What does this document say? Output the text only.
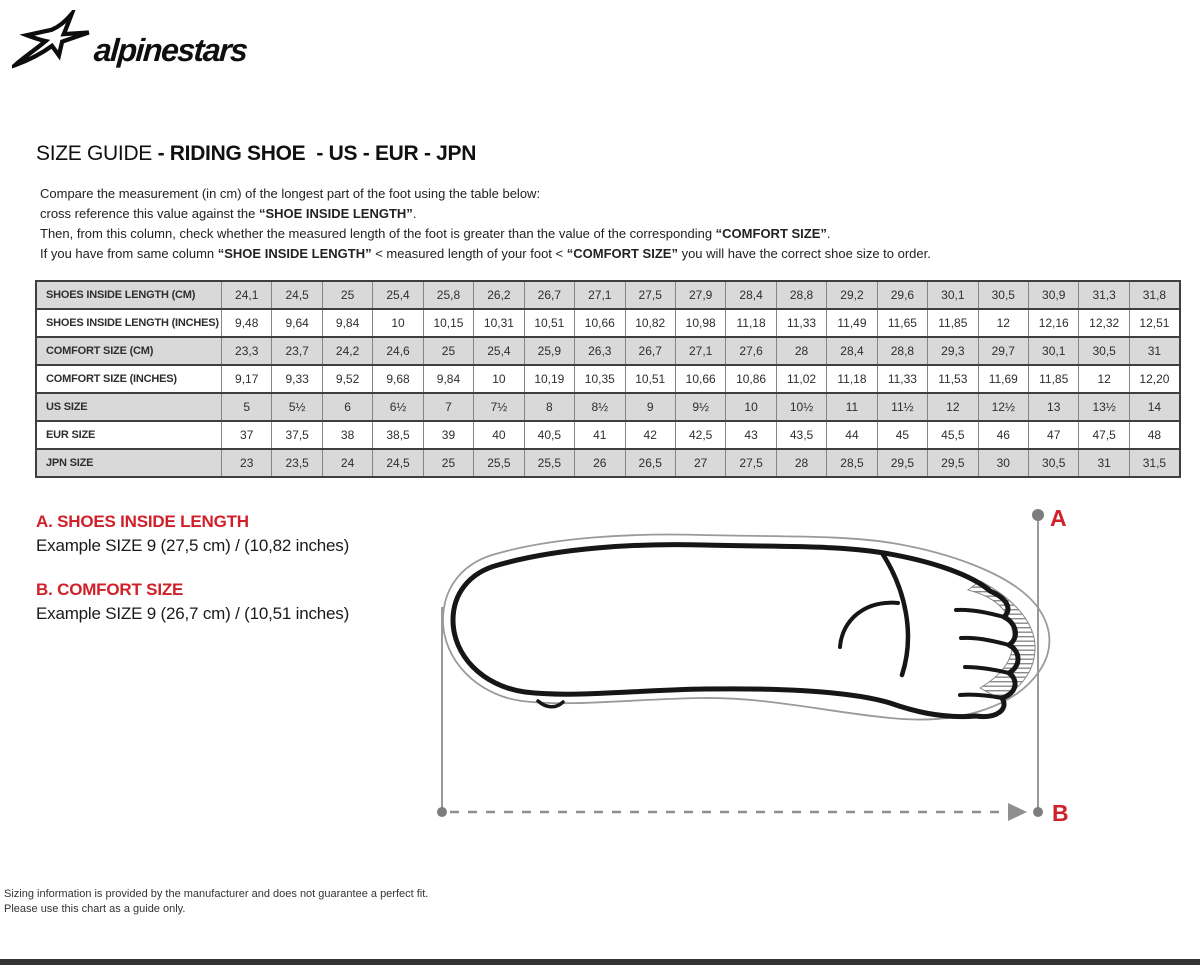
alpinestars
SIZE GUIDE - RIDING SHOE  - US - EUR - JPN
Compare the measurement (in cm) of the longest part of the foot using the table below:
cross reference this value against the “SHOE INSIDE LENGTH”.
Then, from this column, check whether the measured length of the foot is greater than the value of the corresponding “COMFORT SIZE”.
If you have from same column “SHOE INSIDE LENGTH” < measured length of your foot < “COMFORT SIZE” you will have the correct shoe size to order.
SHOES INSIDE LENGTH (CM)	24,1	24,5	25	25,4	25,8	26,2	26,7	27,1	27,5	27,9	28,4	28,8	29,2	29,6	30,1	30,5	30,9	31,3	31,8
SHOES INSIDE LENGTH (INCHES)	9,48	9,64	9,84	10	10,15	10,31	10,51	10,66	10,82	10,98	11,18	11,33	11,49	11,65	11,85	12	12,16	12,32	12,51
COMFORT SIZE (CM)	23,3	23,7	24,2	24,6	25	25,4	25,9	26,3	26,7	27,1	27,6	28	28,4	28,8	29,3	29,7	30,1	30,5	31
COMFORT SIZE (INCHES)	9,17	9,33	9,52	9,68	9,84	10	10,19	10,35	10,51	10,66	10,86	11,02	11,18	11,33	11,53	11,69	11,85	12	12,20
US SIZE	5	5½	6	6½	7	7½	8	8½	9	9½	10	10½	11	11½	12	12½	13	13½	14
EUR SIZE	37	37,5	38	38,5	39	40	40,5	41	42	42,5	43	43,5	44	45	45,5	46	47	47,5	48
JPN SIZE	23	23,5	24	24,5	25	25,5	25,5	26	26,5	27	27,5	28	28,5	29,5	29,5	30	30,5	31	31,5
A. SHOES INSIDE LENGTH
Example SIZE 9 (27,5 cm) / (10,82 inches)
B. COMFORT SIZE
Example SIZE 9 (26,7 cm) / (10,51 inches)
A
B
Sizing information is provided by the manufacturer and does not guarantee a perfect fit.
Please use this chart as a guide only.
